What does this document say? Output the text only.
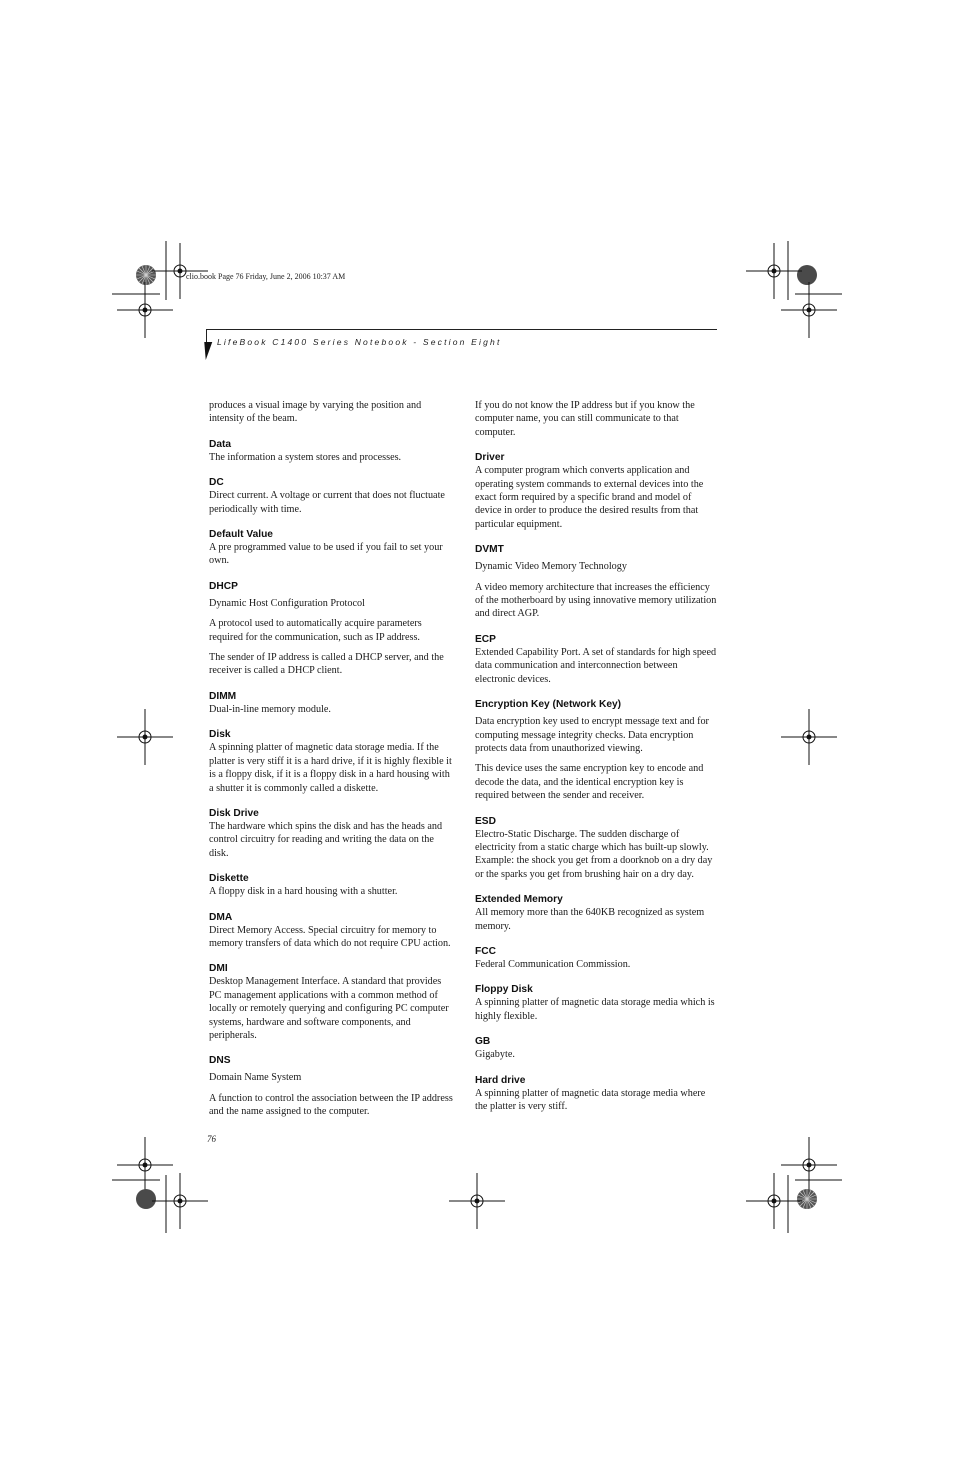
clio.book Page 76 Friday, June 2, 2006 10:37 AM
LifeBook C1400 Series Notebook - Section Eight

produces a visual image by varying the position and intensity of the beam.

Data

The information a system stores and processes.

DC

Direct current. A voltage or current that does not fluctuate periodically with time.

Default Value

A pre programmed value to be used if you fail to set your own.

DHCP

Dynamic Host Configuration Protocol

A protocol used to automatically acquire parameters required for the communication, such as IP address.

The sender of IP address is called a DHCP server, and the receiver is called a DHCP client.

DIMM

Dual-in-line memory module.

Disk

A spinning platter of magnetic data storage media. If the platter is very stiff it is a hard drive, if it is highly flexible it is a floppy disk, if it is a floppy disk in a hard housing with a shutter it is commonly called a diskette.

Disk Drive

The hardware which spins the disk and has the heads and control circuitry for reading and writing the data on the disk.

Diskette

A floppy disk in a hard housing with a shutter.

DMA

Direct Memory Access. Special circuitry for memory to memory transfers of data which do not require CPU action.

DMI

Desktop Management Interface. A standard that provides PC management applications with a common method of locally or remotely querying and configuring PC computer systems, hardware and software components, and peripherals.

DNS

Domain Name System

A function to control the association between the IP address and the name assigned to the computer.

If you do not know the IP address but if you know the computer name, you can still communicate to that computer.

Driver

A computer program which converts application and operating system commands to external devices into the exact form required by a specific brand and model of device in order to produce the desired results from that particular equipment.

DVMT

Dynamic Video Memory Technology

A video memory architecture that increases the efficiency of the motherboard by using innovative memory utilization and direct AGP.

ECP

Extended Capability Port. A set of standards for high speed data communication and interconnection between electronic devices.

Encryption Key (Network Key)

Data encryption key used to encrypt message text and for computing message integrity checks. Data encryption protects data from unauthorized viewing.

This device uses the same encryption key to encode and decode the data, and the identical encryption key is required between the sender and receiver.

ESD

Electro-Static Discharge. The sudden discharge of electricity from a static charge which has built-up slowly. Example: the shock you get from a doorknob on a dry day or the sparks you get from brushing hair on a dry day.

Extended Memory

All memory more than the 640KB recognized as system memory.

FCC

Federal Communication Commission.

Floppy Disk

A spinning platter of magnetic data storage media which is highly flexible.

GB

Gigabyte.

Hard drive

A spinning platter of magnetic data storage media where the platter is very stiff.

76
